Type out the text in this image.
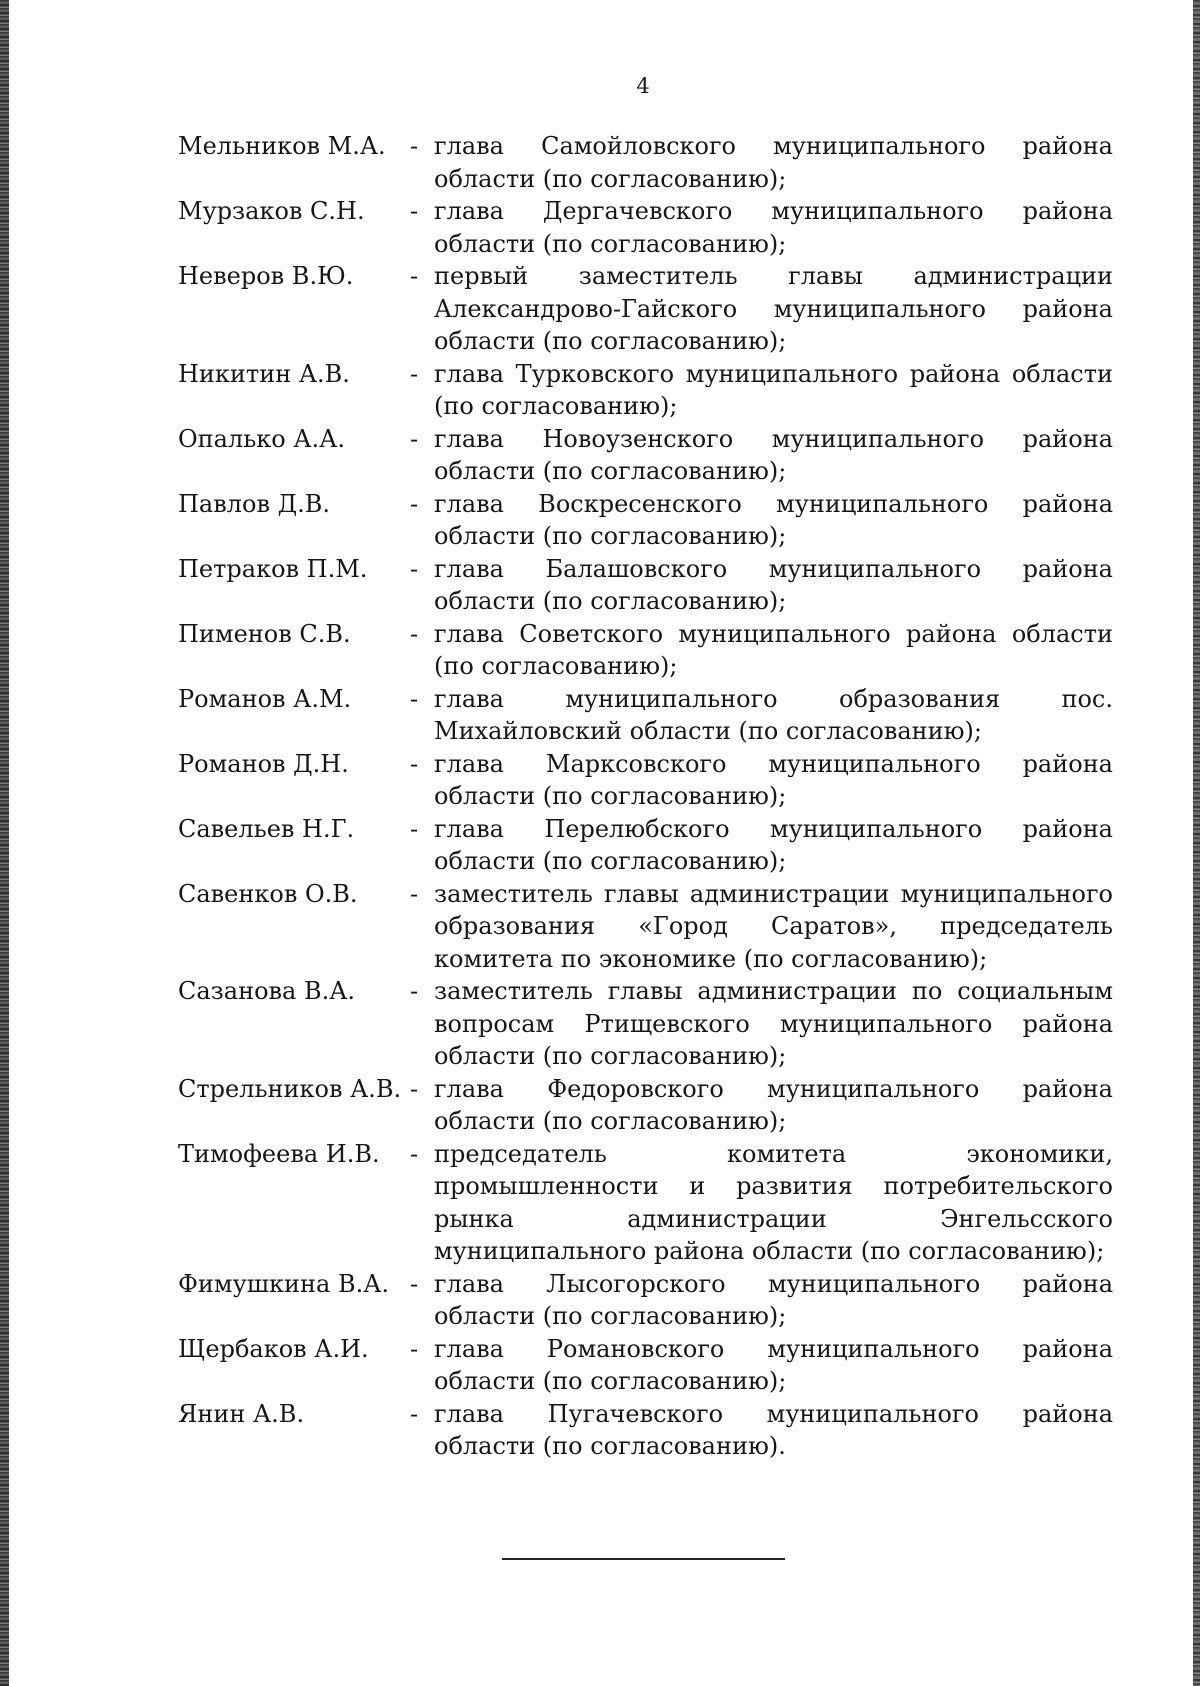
4
Мельников М.А.	- глава Самойловского муниципального района области (по согласованию);
Мурзаков С.Н.	- глава Дергачевского муниципального района области (по согласованию);
Неверов В.Ю.	- первый заместитель главы администрации Александрово-Гайского муниципального района области (по согласованию);
Никитин А.В.	- глава Турковского муниципального района области (по согласованию);
Опалько А.А.	- глава Новоузенского муниципального района области (по согласованию);
Павлов Д.В.	- глава Воскресенского муниципального района области (по согласованию);
Петраков П.М.	- глава Балашовского муниципального района области (по согласованию);
Пименов С.В.	- глава Советского муниципального района области (по согласованию);
Романов А.М.	- глава муниципального образования пос. Михайловский области (по согласованию);
Романов Д.Н.	- глава Марксовского муниципального района области (по согласованию);
Савельев Н.Г.	- глава Перелюбского муниципального района области (по согласованию);
Савенков О.В.	- заместитель главы администрации муниципального образования «Город Саратов», председатель комитета по экономике (по согласованию);
Сазанова В.А.	- заместитель главы администрации по социальным вопросам Ртищевского муниципального района области (по согласованию);
Стрельников А.В. - глава Федоровского муниципального района области (по согласованию);
Тимофеева И.В.	- председатель комитета экономики, промышленности и развития потребительского рынка администрации Энгельсского муниципального района области (по согласованию);
Фимушкина В.А. - глава Лысогорского муниципального района области (по согласованию);
Щербаков А.И.	- глава Романовского муниципального района области (по согласованию);
Янин А.В.	- глава Пугачевского муниципального района области (по согласованию).
